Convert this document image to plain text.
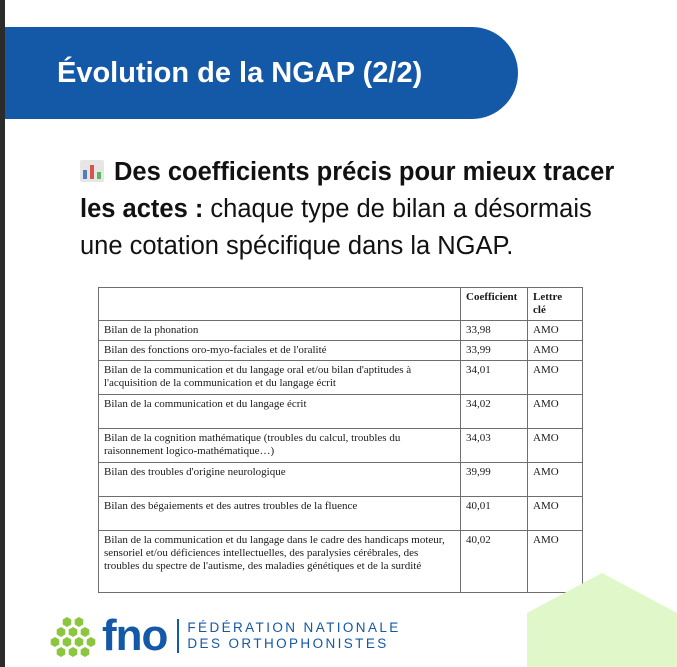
Évolution de la NGAP (2/2)
Des coefficients précis pour mieux tracer les actes : chaque type de bilan a désormais une cotation spécifique dans la NGAP.
	Coefficient	Lettre clé
Bilan de la phonation	33,98	AMO
Bilan des fonctions oro-myo-faciales et de l'oralité	33,99	AMO
Bilan de la communication et du langage oral et/ou bilan d'aptitudes à l'acquisition de la communication et du langage écrit	34,01	AMO
Bilan de la communication et du langage écrit	34,02	AMO
Bilan de la cognition mathématique (troubles du calcul, troubles du raisonnement logico-mathématique…)	34,03	AMO
Bilan des troubles d'origine neurologique	39,99	AMO
Bilan des bégaiements et des autres troubles de la fluence	40,01	AMO
Bilan de la communication et du langage dans le cadre des handicaps moteur, sensoriel et/ou déficiences intellectuelles, des paralysies cérébrales, des troubles du spectre de l'autisme, des maladies génétiques et de la surdité	40,02	AMO
fno FÉDÉRATION NATIONALE
DES ORTHOPHONISTES
